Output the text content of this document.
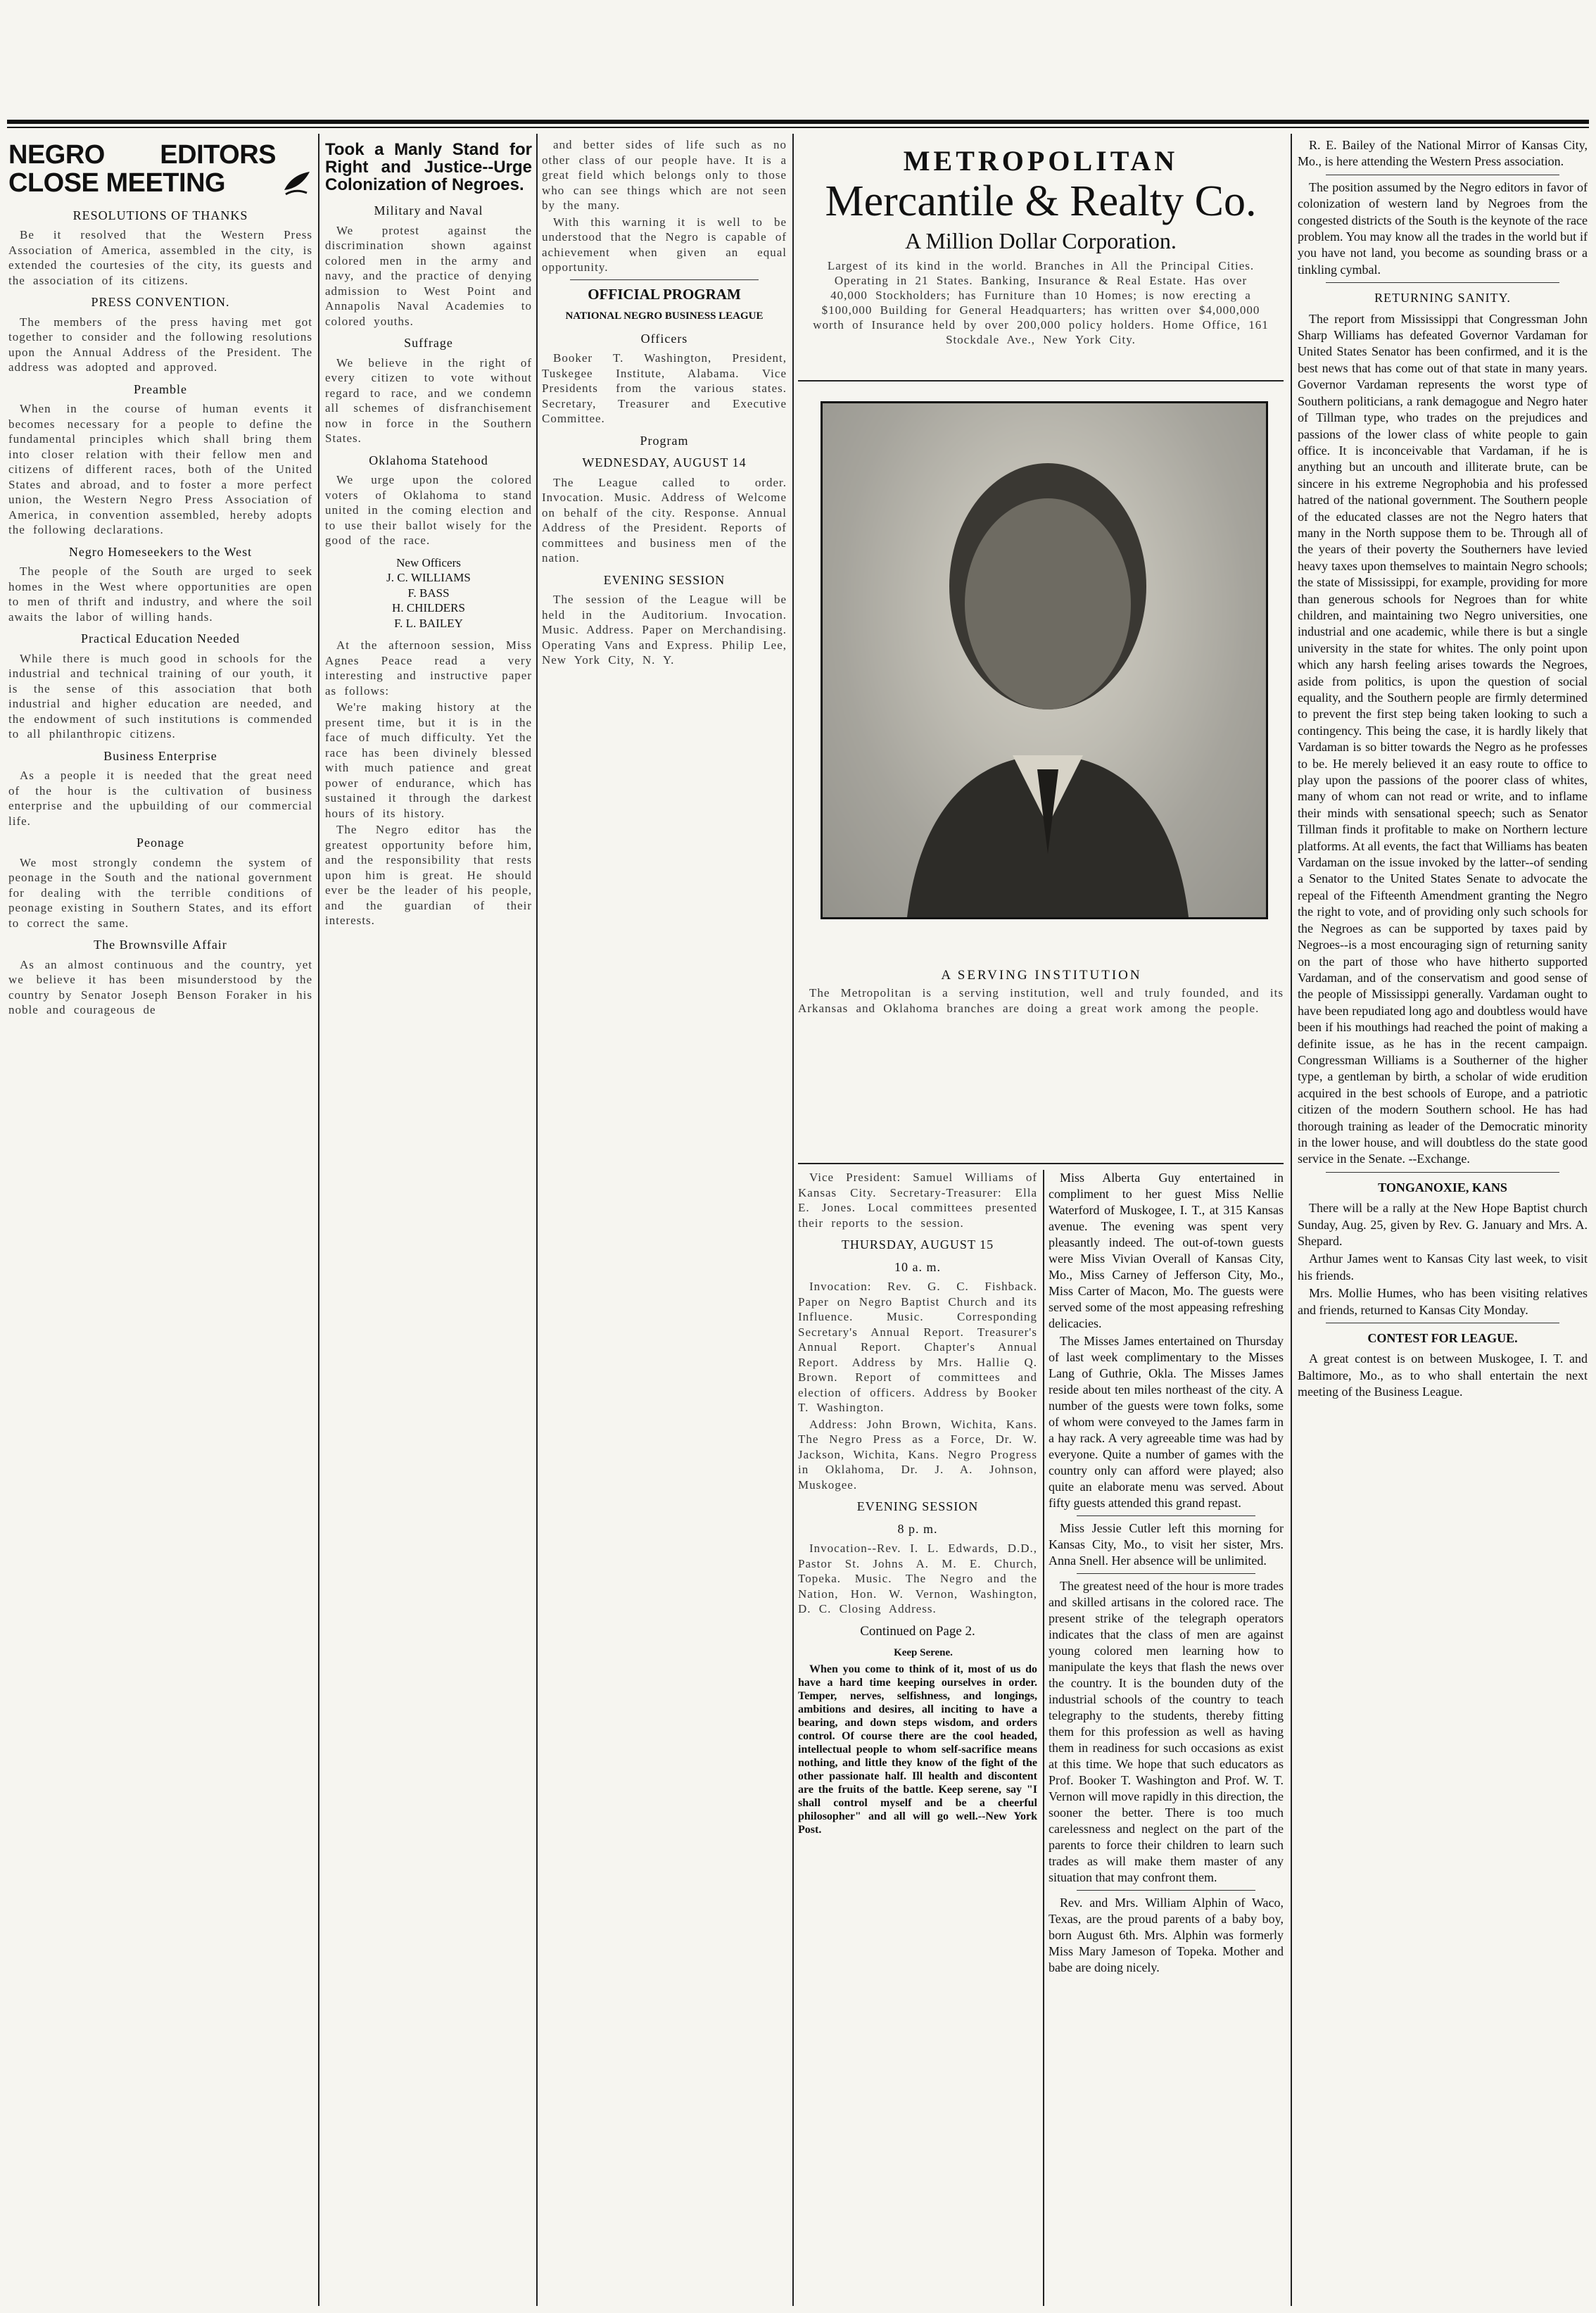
NEGRO EDITORS CLOSE MEETING

RESOLUTIONS OF THANKS

Be it resolved that the Western Press Association of America, assembled in the city, is extended the courtesies of the city, its guests and the association of its citizens.

PRESS CONVENTION.

The members of the press having met got together to consider and the following resolutions upon the Annual Address of the President. The address was adopted and approved.

Preamble

When in the course of human events it becomes necessary for a people to define the fundamental principles which shall bring them into closer relation with their fellow men and citizens of different races, both of the United States and abroad, and to foster a more perfect union, the Western Negro Press Association of America, in convention assembled, hereby adopts the following declarations.

Negro Homeseekers to the West

The people of the South are urged to seek homes in the West where opportunities are open to men of thrift and industry, and where the soil awaits the labor of willing hands.

Practical Education Needed

While there is much good in schools for the industrial and technical training of our youth, it is the sense of this association that both industrial and higher education are needed, and the endowment of such institutions is commended to all philanthropic citizens.

Business Enterprise

As a people it is needed that the great need of the hour is the cultivation of business enterprise and the upbuilding of our commercial life.

Peonage

We most strongly condemn the system of peonage in the South and the national government for dealing with the terrible conditions of peonage existing in Southern States, and its effort to correct the same.

The Brownsville Affair

As an almost continuous and the country, yet we believe it has been misunderstood by the country by Senator Joseph Benson Foraker in his noble and courageous de

Took a Manly Stand for Right and Justice--Urge Colonization of Negroes.

Military and Naval

We protest against the discrimination shown against colored men in the army and navy, and the practice of denying admission to West Point and Annapolis Naval Academies to colored youths.

Suffrage

We believe in the right of every citizen to vote without regard to race, and we condemn all schemes of disfranchisement now in force in the Southern States.

Oklahoma Statehood

We urge upon the colored voters of Oklahoma to stand united in the coming election and to use their ballot wisely for the good of the race.

New Officers
J. C. WILLIAMS
F. BASS
H. CHILDERS
F. L. BAILEY

At the afternoon session, Miss Agnes Peace read a very interesting and instructive paper as follows:

We're making history at the present time, but it is in the face of much difficulty. Yet the race has been divinely blessed with much patience and great power of endurance, which has sustained it through the darkest hours of its history.

The Negro editor has the greatest opportunity before him, and the responsibility that rests upon him is great. He should ever be the leader of his people, and the guardian of their interests.

and better sides of life such as no other class of our people have. It is a great field which belongs only to those who can see things which are not seen by the many.

With this warning it is well to be understood that the Negro is capable of achievement when given an equal opportunity.

OFFICIAL PROGRAM

NATIONAL NEGRO BUSINESS LEAGUE

Officers

Booker T. Washington, President, Tuskegee Institute, Alabama. Vice Presidents from the various states. Secretary, Treasurer and Executive Committee.

Program

WEDNESDAY, AUGUST 14

The League called to order. Invocation. Music. Address of Welcome on behalf of the city. Response. Annual Address of the President. Reports of committees and business men of the nation.

EVENING SESSION

The session of the League will be held in the Auditorium. Invocation. Music. Address. Paper on Merchandising. Operating Vans and Express. Philip Lee, New York City, N. Y.

METROPOLITAN
Mercantile & Realty Co.
A Million Dollar Corporation.
Largest of its kind in the world. Branches in All the Principal Cities. Operating in 21 States. Banking, Insurance & Real Estate. Has over 40,000 Stockholders; has Furniture than 10 Homes; is now erecting a $100,000 Building for General Headquarters; has written over $4,000,000 worth of Insurance held by over 200,000 policy holders. Home Office, 161 Stockdale Ave., New York City.
A SERVING INSTITUTION

The Metropolitan is a serving institution, well and truly founded, and its Arkansas and Oklahoma branches are doing a great work among the people.

Vice President: Samuel Williams of Kansas City. Secretary-Treasurer: Ella E. Jones. Local committees presented their reports to the session.

THURSDAY, AUGUST 15

10 a. m.

Invocation: Rev. G. C. Fishback. Paper on Negro Baptist Church and its Influence. Music. Corresponding Secretary's Annual Report. Treasurer's Annual Report. Chapter's Annual Report. Address by Mrs. Hallie Q. Brown. Report of committees and election of officers. Address by Booker T. Washington.

Address: John Brown, Wichita, Kans. The Negro Press as a Force, Dr. W. Jackson, Wichita, Kans. Negro Progress in Oklahoma, Dr. J. A. Johnson, Muskogee.

EVENING SESSION

8 p. m.

Invocation--Rev. I. L. Edwards, D.D., Pastor St. Johns A. M. E. Church, Topeka. Music. The Negro and the Nation, Hon. W. Vernon, Washington, D. C. Closing Address.

Continued on Page 2.

Keep Serene.

When you come to think of it, most of us do have a hard time keeping ourselves in order. Temper, nerves, selfishness, and longings, ambitions and desires, all inciting to have a bearing, and down steps wisdom, and orders control. Of course there are the cool headed, intellectual people to whom self-sacrifice means nothing, and little they know of the fight of the other passionate half. Ill health and discontent are the fruits of the battle. Keep serene, say "I shall control myself and be a cheerful philosopher" and all will go well.--New York Post.

Miss Alberta Guy entertained in compliment to her guest Miss Nellie Waterford of Muskogee, I. T., at 315 Kansas avenue. The evening was spent very pleasantly indeed. The out-of-town guests were Miss Vivian Overall of Kansas City, Mo., Miss Carney of Jefferson City, Mo., Miss Carter of Macon, Mo. The guests were served some of the most appeasing refreshing delicacies.

The Misses James entertained on Thursday of last week complimentary to the Misses Lang of Guthrie, Okla. The Misses James reside about ten miles northeast of the city. A number of the guests were town folks, some of whom were conveyed to the James farm in a hay rack. A very agreeable time was had by everyone. Quite a number of games with the country only can afford were played; also quite an elaborate menu was served. About fifty guests attended this grand repast.

Miss Jessie Cutler left this morning for Kansas City, Mo., to visit her sister, Mrs. Anna Snell. Her absence will be unlimited.

The greatest need of the hour is more trades and skilled artisans in the colored race. The present strike of the telegraph operators indicates that the class of men are against young colored men learning how to manipulate the keys that flash the news over the country. It is the bounden duty of the industrial schools of the country to teach telegraphy to the students, thereby fitting them for this profession as well as having them in readiness for such occasions as exist at this time. We hope that such educators as Prof. Booker T. Washington and Prof. W. T. Vernon will move rapidly in this direction, the sooner the better. There is too much carelessness and neglect on the part of the parents to force their children to learn such trades as will make them master of any situation that may confront them.

Rev. and Mrs. William Alphin of Waco, Texas, are the proud parents of a baby boy, born August 6th. Mrs. Alphin was formerly Miss Mary Jameson of Topeka. Mother and babe are doing nicely.

R. E. Bailey of the National Mirror of Kansas City, Mo., is here attending the Western Press association.

The position assumed by the Negro editors in favor of colonization of western land by Negroes from the congested districts of the South is the keynote of the race problem. You may know all the trades in the world but if you have not land, you become as sounding brass or a tinkling cymbal.

RETURNING SANITY.

The report from Mississippi that Congressman John Sharp Williams has defeated Governor Vardaman for United States Senator has been confirmed, and it is the best news that has come out of that state in many years. Governor Vardaman represents the worst type of Southern politicians, a rank demagogue and Negro hater of Tillman type, who trades on the prejudices and passions of the lower class of white people to gain office. It is inconceivable that Vardaman, if he is anything but an uncouth and illiterate brute, can be sincere in his extreme Negrophobia and his professed hatred of the national government. The Southern people of the educated classes are not the Negro haters that many in the North suppose them to be. Through all of the years of their poverty the Southerners have levied heavy taxes upon themselves to maintain Negro schools; the state of Mississippi, for example, providing for more than generous schools for Negroes than for white children, and maintaining two Negro universities, one industrial and one academic, while there is but a single university in the state for whites. The only point upon which any harsh feeling arises towards the Negroes, aside from politics, is upon the question of social equality, and the Southern people are firmly determined to prevent the first step being taken looking to such a contingency. This being the case, it is hardly likely that Vardaman is so bitter towards the Negro as he professes to be. He merely believed it an easy route to office to play upon the passions of the poorer class of whites, many of whom can not read or write, and to inflame their minds with sensational speech; such as Senator Tillman finds it profitable to make on Northern lecture platforms. At all events, the fact that Williams has beaten Vardaman on the issue invoked by the latter--of sending a Senator to the United States Senate to advocate the repeal of the Fifteenth Amendment granting the Negro the right to vote, and of providing only such schools for the Negroes as can be supported by taxes paid by Negroes--is a most encouraging sign of returning sanity on the part of those who have hitherto supported Vardaman, and of the conservatism and good sense of the people of Mississippi generally. Vardaman ought to have been repudiated long ago and doubtless would have been if his mouthings had reached the point of making a definite issue, as he has in the recent campaign. Congressman Williams is a Southerner of the higher type, a gentleman by birth, a scholar of wide erudition acquired in the best schools of Europe, and a patriotic citizen of the modern Southern school. He has had thorough training as leader of the Democratic minority in the lower house, and will doubtless do the state good service in the Senate. --Exchange.

TONGANOXIE, KANS

There will be a rally at the New Hope Baptist church Sunday, Aug. 25, given by Rev. G. January and Mrs. A. Shepard.

Arthur James went to Kansas City last week, to visit his friends.

Mrs. Mollie Humes, who has been visiting relatives and friends, returned to Kansas City Monday.

CONTEST FOR LEAGUE.

A great contest is on between Muskogee, I. T. and Baltimore, Mo., as to who shall entertain the next meeting of the Business League.
